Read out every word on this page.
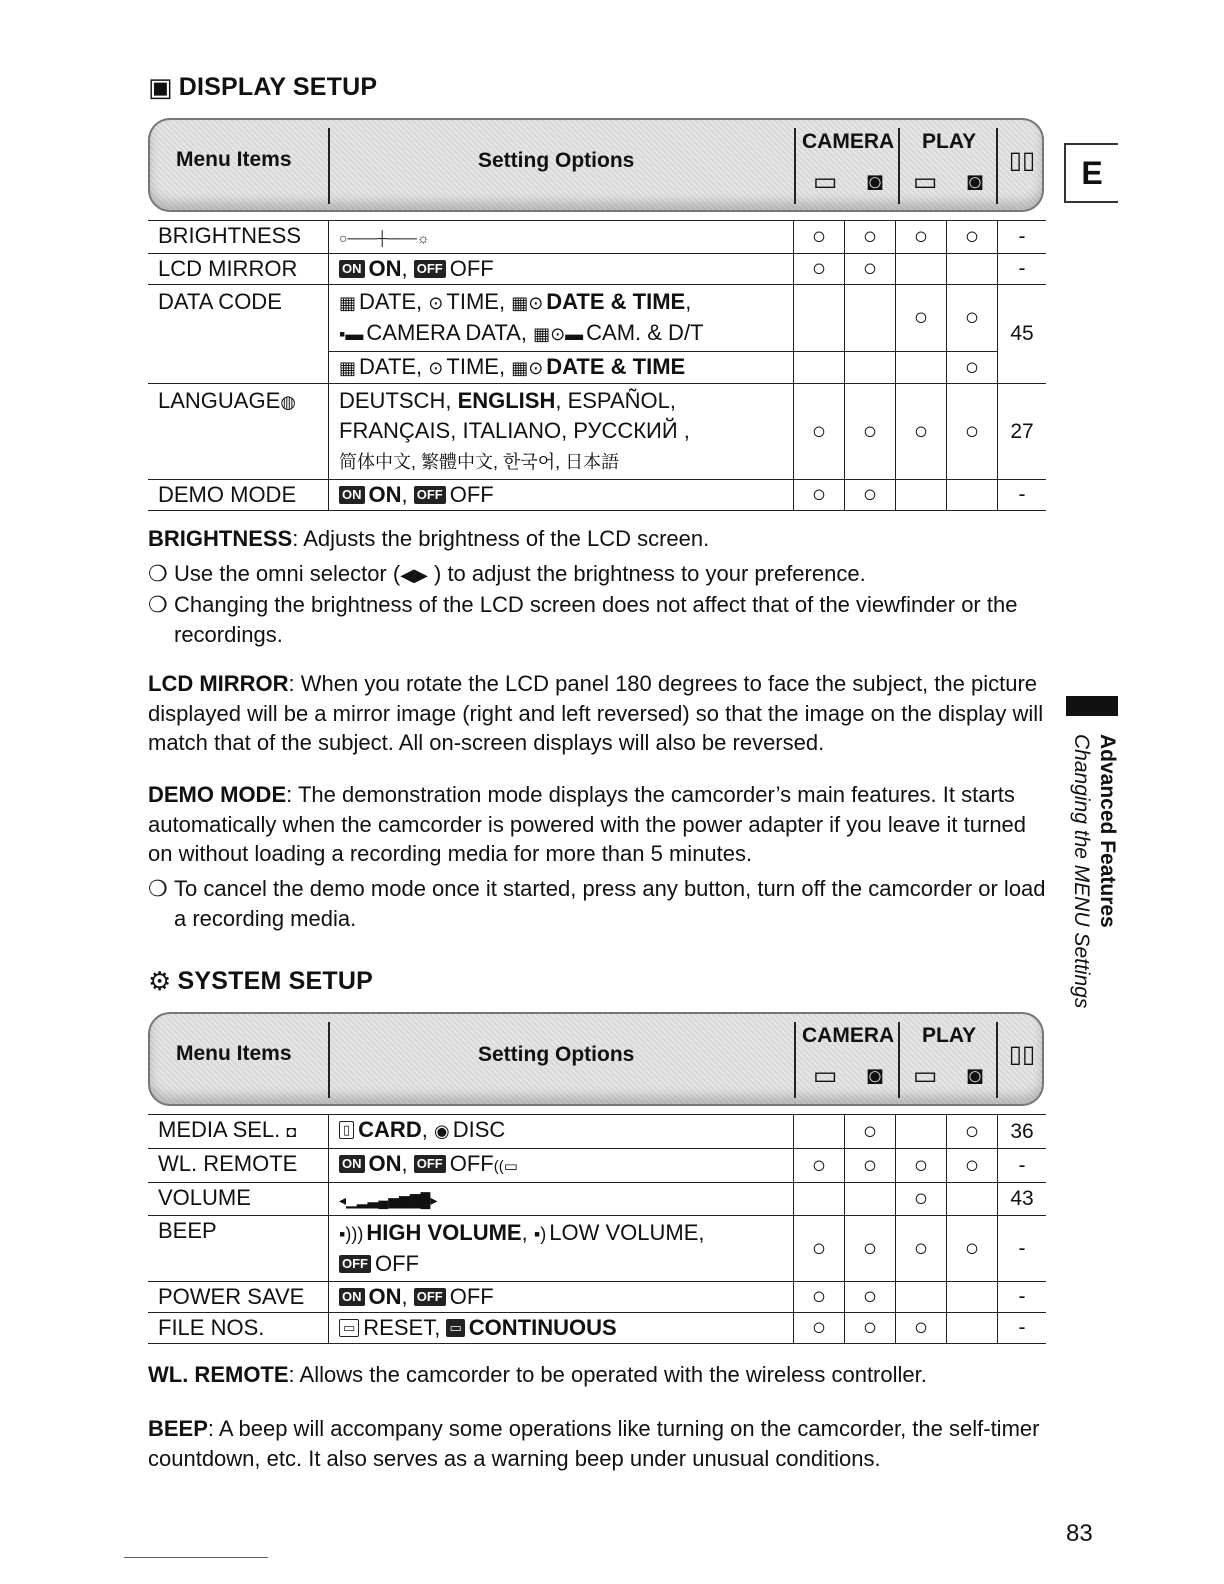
▣ DISPLAY SETUP
Menu Items	Setting Options
CAMERA PLAY
▭	◙	▭	◙
▯▯
BRIGHTNESS	○───┼───☼	○	○	○	○	-
LCD MIRROR	ON ON, OFF OFF	○	○			-
DATA CODE	▦ DATE, ⊙ TIME, ▦⊙ DATE & TIME,
▪▬ CAMERA DATA, ▦⊙▬ CAM. & D/T			○	○	45
	▦ DATE, ⊙ TIME, ▦⊙ DATE & TIME				○	
LANGUAGE◍	DEUTSCH, ENGLISH, ESPAÑOL,
FRANÇAIS, ITALIANO, РУССКИЙ ,
简体中文, 繁體中文, 한국어, 日本語	○	○	○	○	27
DEMO MODE	ON ON, OFF OFF	○	○			-
BRIGHTNESS: Adjusts the brightness of the LCD screen.
❍ Use the omni selector (◀▶ ) to adjust the brightness to your preference.
❍ Changing the brightness of the LCD screen does not affect that of the viewfinder or the recordings.
LCD MIRROR: When you rotate the LCD panel 180 degrees to face the subject, the picture displayed will be a mirror image (right and left reversed) so that the image on the display will match that of the subject. All on-screen displays will also be reversed.
DEMO MODE: The demonstration mode displays the camcorder’s main features. It starts automatically when the camcorder is powered with the power adapter if you leave it turned on without loading a recording media for more than 5 minutes.
❍ To cancel the demo mode once it started, press any button, turn off the camcorder or load a recording media.
⚙ SYSTEM SETUP
Menu Items	Setting Options
CAMERA PLAY
▭	◙	▭	◙
▯▯
MEDIA SEL. ◘	▯ CARD, ◉ DISC		○		○	36
WL. REMOTE	ON ON, OFF OFF((▭	○	○	○	○	-
VOLUME	◂▁▂▃▄▅▆▇█▸			○		43
BEEP	▪))) HIGH VOLUME, ▪) LOW VOLUME,
OFF OFF	○	○	○	○	-
POWER SAVE	ON ON, OFF OFF	○	○			-
FILE NOS.	▭ RESET, ▭ CONTINUOUS	○	○	○		-
WL. REMOTE: Allows the camcorder to be operated with the wireless controller.
BEEP: A beep will accompany some operations like turning on the camcorder, the self-timer countdown, etc. It also serves as a warning beep under unusual conditions.
E
Advanced Features
Changing the MENU Settings
83
